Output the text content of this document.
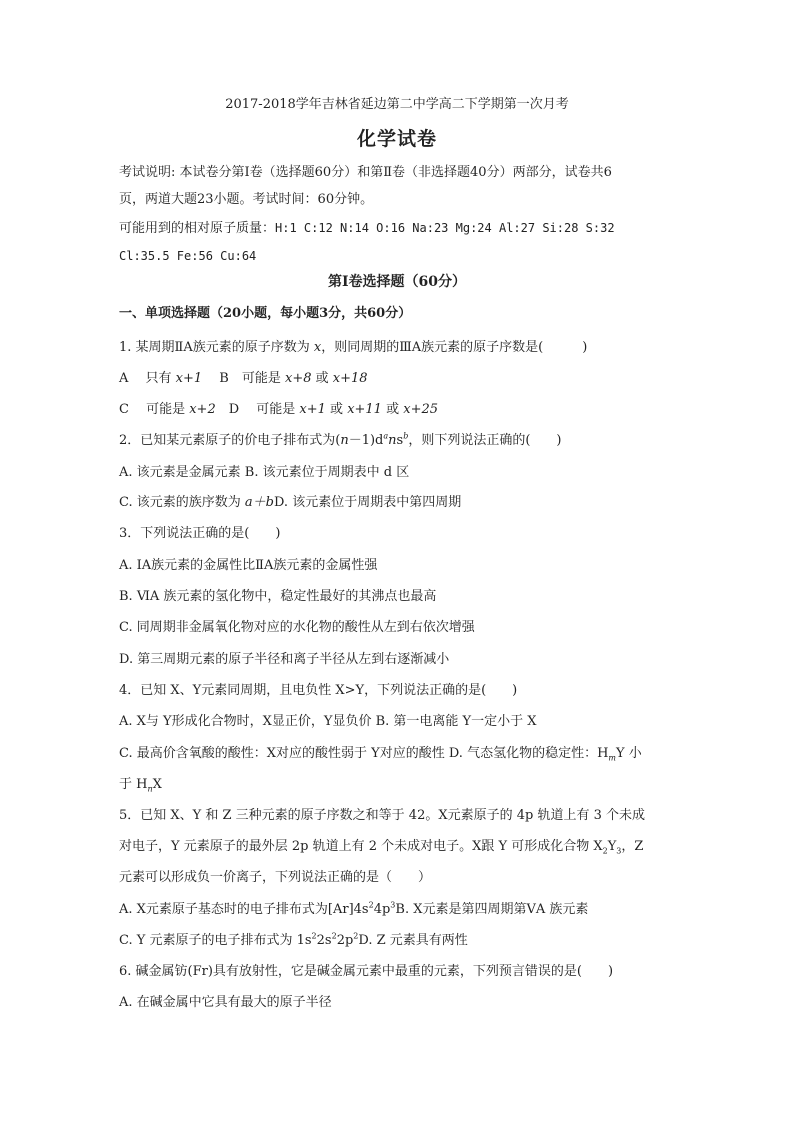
2017-2018学年吉林省延边第二中学高二下学期第一次月考
化学试卷
考试说明: 本试卷分第Ⅰ卷（选择题60分）和第Ⅱ卷（非选择题40分）两部分，试卷共6
页，两道大题23小题。考试时间：60分钟。
可能用到的相对原子质量：H:1 C:12 N:14 O:16 Na:23 Mg:24 Al:27 Si:28 S:32
Cl:35.5 Fe:56 Cu:64
第Ⅰ卷选择题（60分）
一、单项选择题（20小题，每小题3分，共60分）
1. 某周期ⅡA族元素的原子序数为 x，则同周期的ⅢA族元素的原子序数是(　　　)
A　 只有 x+1　 B　可能是 x+8 或 x+18
C　 可能是 x+2　D　 可能是 x+1 或 x+11 或 x+25
2．已知某元素原子的价电子排布式为$(n-1)d^ans^b$，则下列说法正确的(　　)
A. 该元素是金属元素 B. 该元素位于周期表中 d 区
C. 该元素的族序数为 a＋bD. 该元素位于周期表中第四周期
3．下列说法正确的是(　　)
A. ⅠA族元素的金属性比ⅡA族元素的金属性强
B. ⅥA 族元素的氢化物中，稳定性最好的其沸点也最高
C. 同周期非金属氧化物对应的水化物的酸性从左到右依次增强
D. 第三周期元素的原子半径和离子半径从左到右逐渐减小
4．已知 X、Y元素同周期，且电负性 X>Y，下列说法正确的是(　　)
A. X与 Y形成化合物时，X显正价，Y显负价 B. 第一电离能 Y一定小于 X
C. 最高价含氧酸的酸性：X对应的酸性弱于 Y对应的酸性 D. 气态氢化物的稳定性：$H_mY$ 小
于 $H_nX$
5．已知 X、Y 和 Z 三种元素的原子序数之和等于 42。X元素原子的 4p 轨道上有 3 个未成
对电子，Y 元素原子的最外层 2p 轨道上有 2 个未成对电子。X跟 Y 可形成化合物 $X_2Y_3$，Z
元素可以形成负一价离子，下列说法正确的是（　　）
A. X元素原子基态时的电子排布式为$[Ar]4s^24p^3B$. X元素是第四周期第ⅤA 族元素
C. Y 元素原子的电子排布式为 $1s^22s^22p^2D$. Z 元素具有两性
6. 碱金属钫(Fr)具有放射性，它是碱金属元素中最重的元素，下列预言错误的是(　　)
A. 在碱金属中它具有最大的原子半径
